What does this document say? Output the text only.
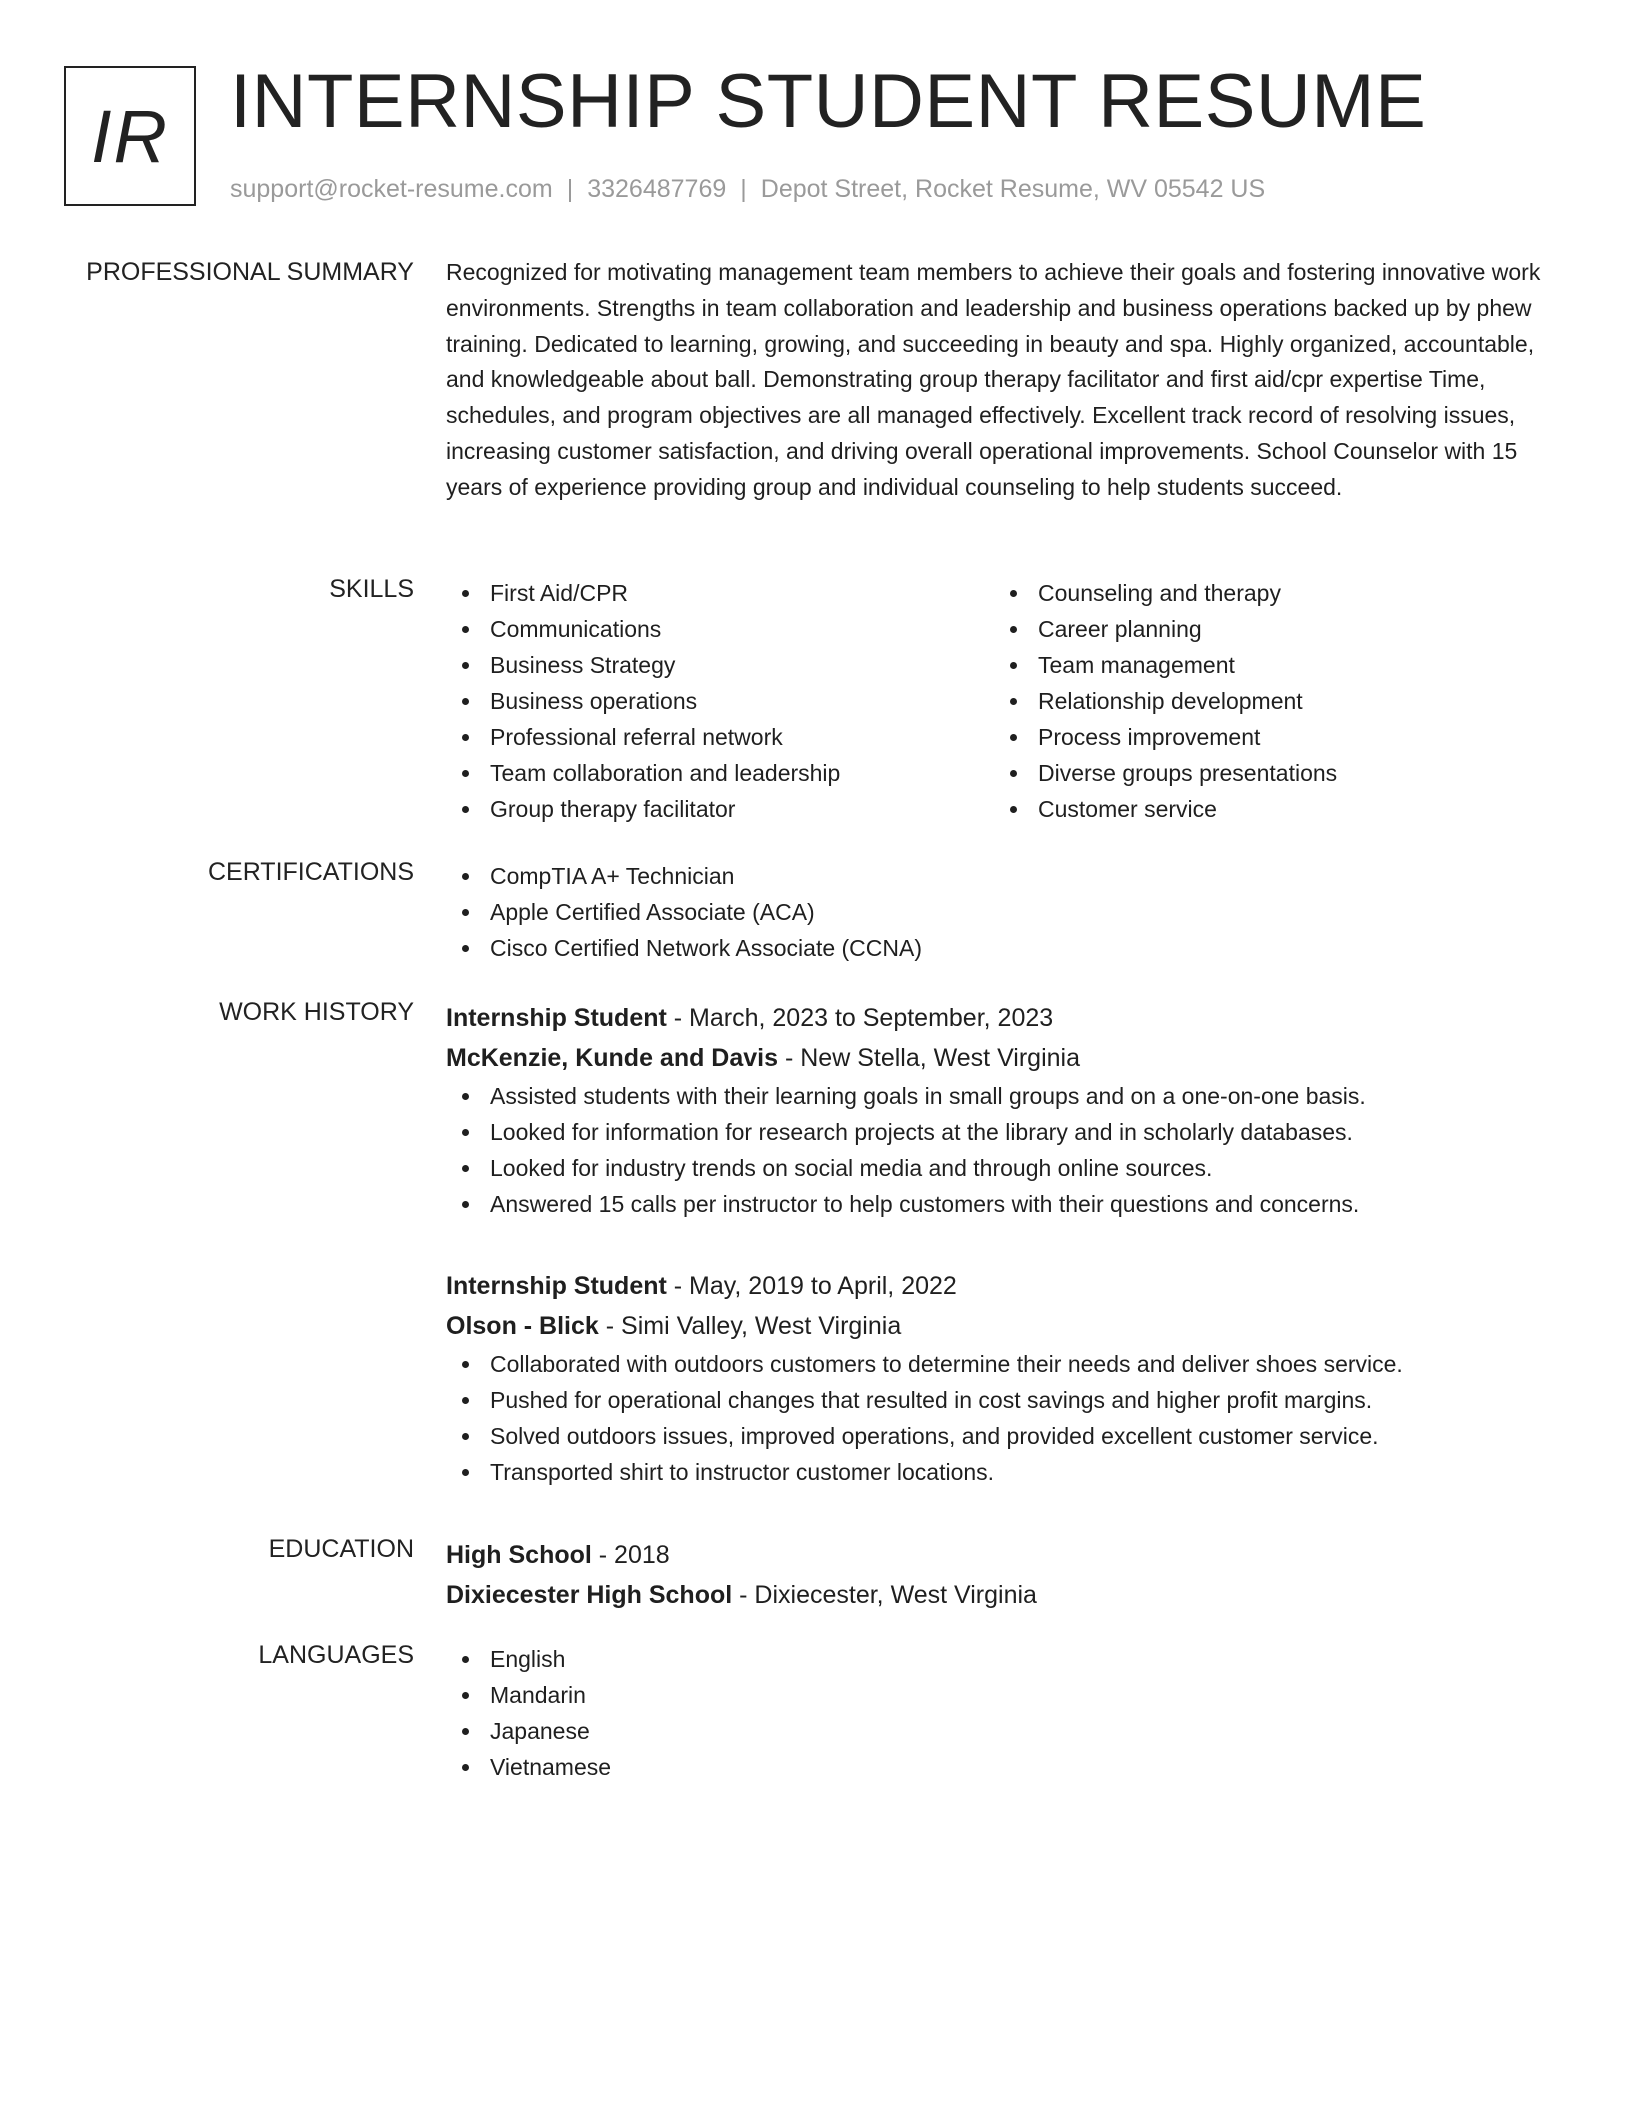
IR INTERNSHIP STUDENT RESUME
support@rocket-resume.com | 3326487769 | Depot Street, Rocket Resume, WV 05542 US
PROFESSIONAL SUMMARY Recognized for motivating management team members to achieve their goals and fostering innovative work environments. Strengths in team collaboration and leadership and business operations backed up by phew training. Dedicated to learning, growing, and succeeding in beauty and spa. Highly organized, accountable, and knowledgeable about ball. Demonstrating group therapy facilitator and first aid/cpr expertise Time, schedules, and program objectives are all managed effectively. Excellent track record of resolving issues, increasing customer satisfaction, and driving overall operational improvements. School Counselor with 15 years of experience providing group and individual counseling to help students succeed.

SKILLS	First Aid/CPR
Communications
Business Strategy
Business operations
Professional referral network
Team collaboration and leadership
Group therapy facilitator
Counseling and therapy
Career planning
Team management
Relationship development
Process improvement
Diverse groups presentations
Customer service
CERTIFICATIONS	CompTIA A+ Technician
Apple Certified Associate (ACA)
Cisco Certified Network Associate (CCNA)
WORK HISTORY Internship Student - March, 2023 to September, 2023
McKenzie, Kunde and Davis - New Stella, West Virginia
Assisted students with their learning goals in small groups and on a one-on-one basis.
Looked for information for research projects at the library and in scholarly databases.
Looked for industry trends on social media and through online sources.
Answered 15 calls per instructor to help customers with their questions and concerns.
Internship Student - May, 2019 to April, 2022
Olson - Blick - Simi Valley, West Virginia
Collaborated with outdoors customers to determine their needs and deliver shoes service.
Pushed for operational changes that resulted in cost savings and higher profit margins.
Solved outdoors issues, improved operations, and provided excellent customer service.
Transported shirt to instructor customer locations.
EDUCATION High School - 2018
Dixiecester High School - Dixiecester, West Virginia
LANGUAGES	English
Mandarin
Japanese
Vietnamese
